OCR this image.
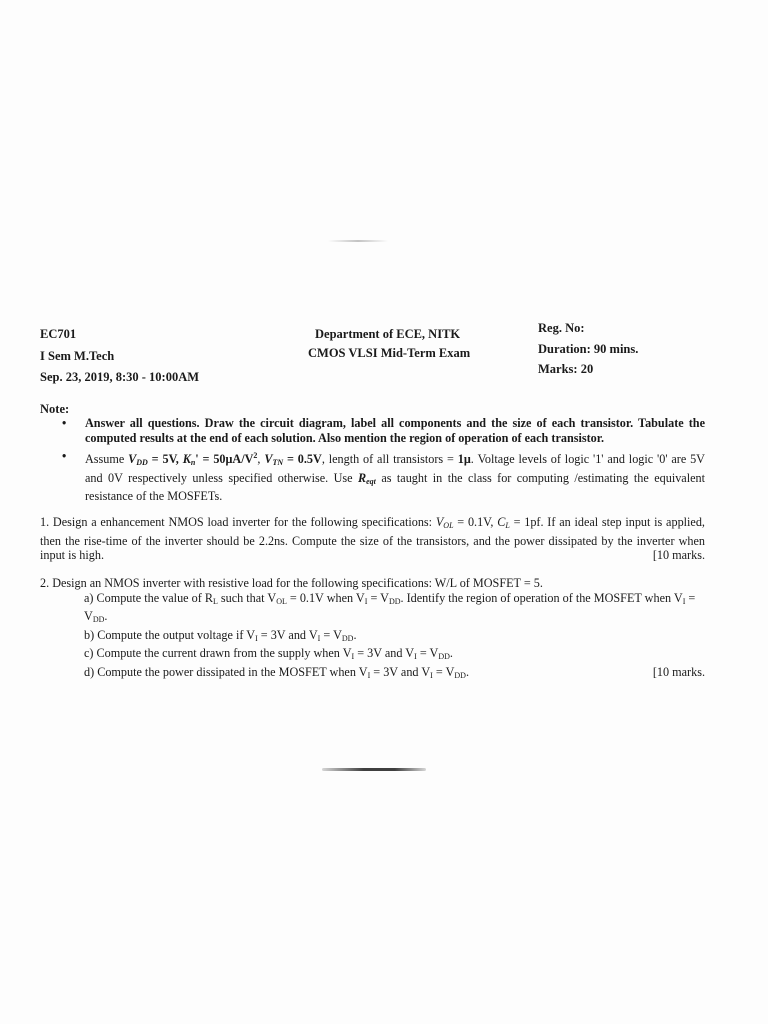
EC701
I Sem M.Tech
Sep. 23, 2019, 8:30 - 10:00AM
Department of ECE, NITK
CMOS VLSI Mid-Term Exam
Reg. No:
Duration: 90 mins.
Marks: 20
Note:
• Answer all questions. Draw the circuit diagram, label all components and the size of each transistor. Tabulate the computed results at the end of each solution. Also mention the region of operation of each transistor.
• Assume $V_{DD} = 5V$, $K_n' = 50\mu A/V^2$, $V_{TN} = 0.5V$, length of all transistors = 1μ. Voltage levels of logic '1' and logic '0' are 5V and 0V respectively unless specified otherwise. Use $R_{eqt}$ as taught in the class for computing /estimating the equivalent resistance of the MOSFETs.
1. Design a enhancement NMOS load inverter for the following specifications: $V_{OL} = 0.1V$, $C_L = 1pf$. If an ideal step input is applied, then the rise-time of the inverter should be 2.2ns. Compute the size of the transistors, and the power dissipated by the inverter when input is high.	[10 marks.
2. Design an NMOS inverter with resistive load for the following specifications: W/L of MOSFET = 5.
a) Compute the value of $R_L$ such that $V_{OL} = 0.1V$ when $V_I = V_{DD}$. Identify the region of operation of the MOSFET when $V_I = V_{DD}$.
b) Compute the output voltage if $V_I = 3V$ and $V_I = V_{DD}$.
c) Compute the current drawn from the supply when $V_I = 3V$ and $V_I = V_{DD}$.
d) Compute the power dissipated in the MOSFET when $V_I = 3V$ and $V_I = V_{DD}$.	[10 marks.
